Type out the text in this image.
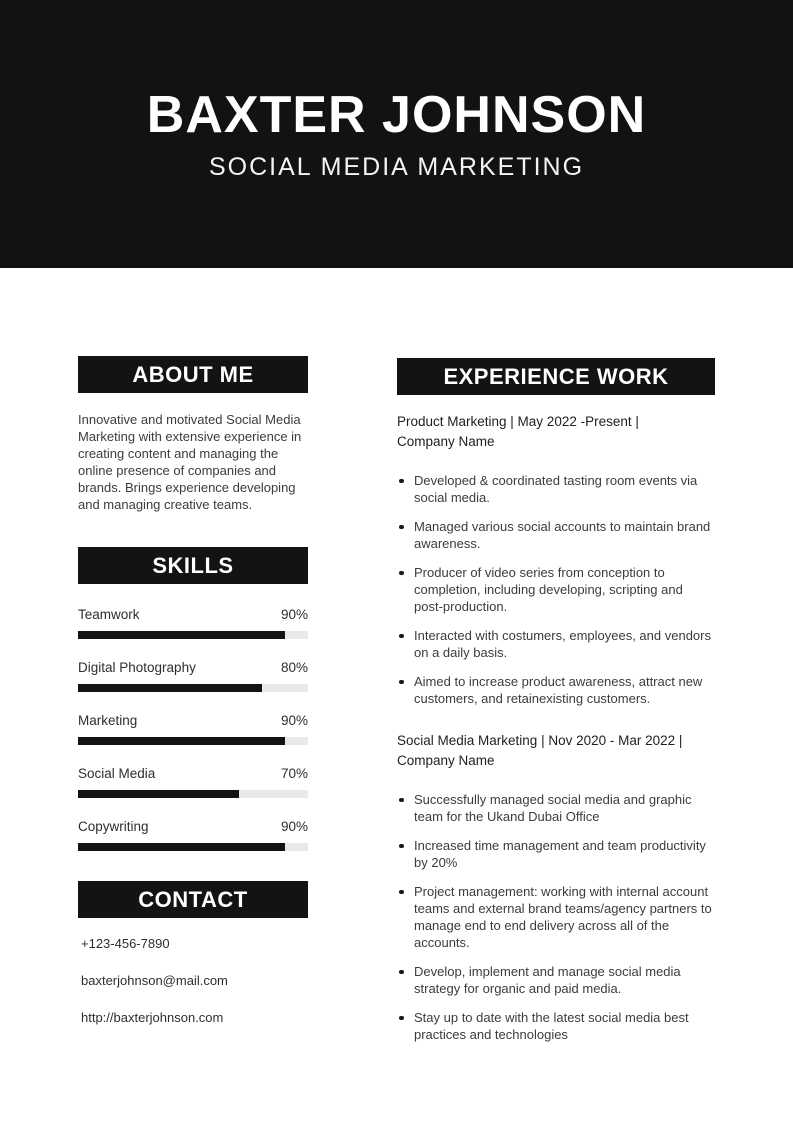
BAXTER JOHNSON
SOCIAL MEDIA MARKETING
ABOUT ME
Innovative and motivated Social Media Marketing with extensive experience in creating content and managing the online presence of companies and brands. Brings experience developing and managing creative teams.
SKILLS
Teamwork	90%
Digital Photography	80%
Marketing	90%
Social Media	70%
Copywriting	90%
CONTACT
+123-456-7890
baxterjohnson@mail.com
http://baxterjohnson.com
EXPERIENCE WORK
Product Marketing | May 2022 -Present |
Company Name
Developed & coordinated tasting room events via social media.
Managed various social accounts to maintain brand awareness.
Producer of video series from conception to completion, including developing, scripting and post-production.
Interacted with costumers, employees, and vendors on a daily basis.
Aimed to increase product awareness, attract new customers, and retainexisting customers.
Social Media Marketing | Nov 2020 - Mar 2022 |
Company Name
Successfully managed social media and graphic team for the Ukand Dubai Office
Increased time management and team productivity by 20%
Project management: working with internal account teams and external brand teams/agency partners to manage end to end delivery across all of the accounts.
Develop, implement and manage social media strategy for organic and paid media.
Stay up to date with the latest social media best practices and technologies
